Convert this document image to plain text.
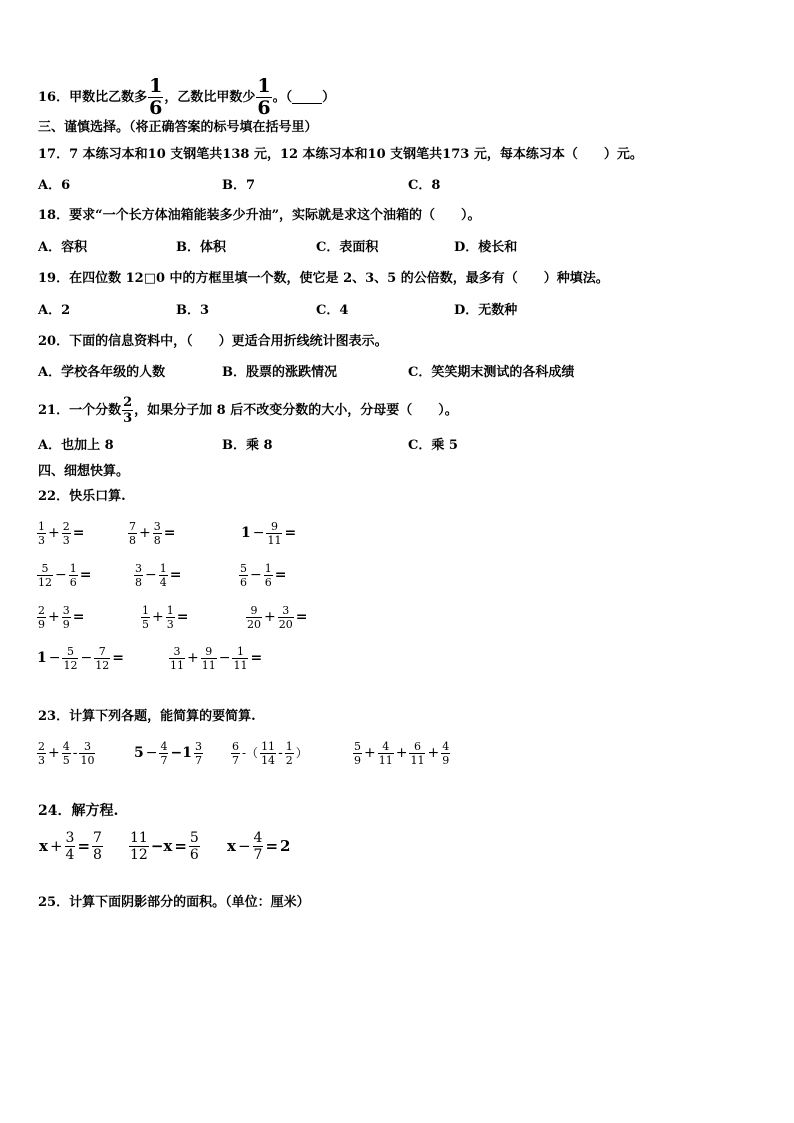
16． 甲数比乙数多 $\frac{1}{6}$ ，乙数比甲数少 $\frac{1}{6}$ 。（ ）
三、谨慎选择。（将正确答案的标号填在括号里）
17．7 本练习本和10 支钢笔共138 元，12 本练习本和10 支钢笔共173 元，每本练习本（　　）元。
A．6	B．7	C．8
18．要求“一个长方体油箱能装多少升油”，实际就是求这个油箱的（　　）。
A．容积	B．体积	C．表面积	D．棱长和
19．在四位数 12□0 中的方框里填一个数，使它是 2、3、5 的公倍数，最多有（　　）种填法。
A．2	B．3	C．4	D．无数种
20．下面的信息资料中，（　　）更适合用折线统计图表示。
A．学校各年级的人数	B．股票的涨跌情况	C．笑笑期末测试的各科成绩
21．一个分数 $\frac{2}{3}$ ，如果分子加 8 后不改变分数的大小，分母要（　　）。
A．也加上 8	B．乘 8	C．乘 5
四、细想快算。
22．快乐口算.
$\frac{1}{3} + \frac{2}{3}$ =	$\frac{7}{8} + \frac{3}{8}$ =	$1 - \frac{9}{11}$ =
$\frac{5}{12} - \frac{1}{6}$ =	$\frac{3}{8} - \frac{1}{4}$ =	$\frac{5}{6} - \frac{1}{6}$ =
$\frac{2}{9} + \frac{3}{9}$ =	$\frac{1}{5} + \frac{1}{3}$ =	$\frac{9}{20} + \frac{3}{20}$ =
$1 - \frac{5}{12} - \frac{7}{12}$ =	$\frac{3}{11} + \frac{9}{11} - \frac{1}{11}$ =
23．计算下列各题，能简算的要简算.
$\frac{2}{3} + \frac{4}{5} - \frac{3}{10}$	$5 - \frac{4}{7} -1 \frac{3}{7}$	$\frac{6}{7}$ -（ $\frac{11}{14} - \frac{1}{2}$ ）	$\frac{5}{9} + \frac{4}{11} + \frac{6}{11} + \frac{4}{9}$
24．解方程.
$x + \frac{3}{4} = \frac{7}{8} \frac{11}{12} -x = \frac{5}{6}$ $x - \frac{4}{7} = 2$
25．计算下面阴影部分的面积。（单位：厘米）
